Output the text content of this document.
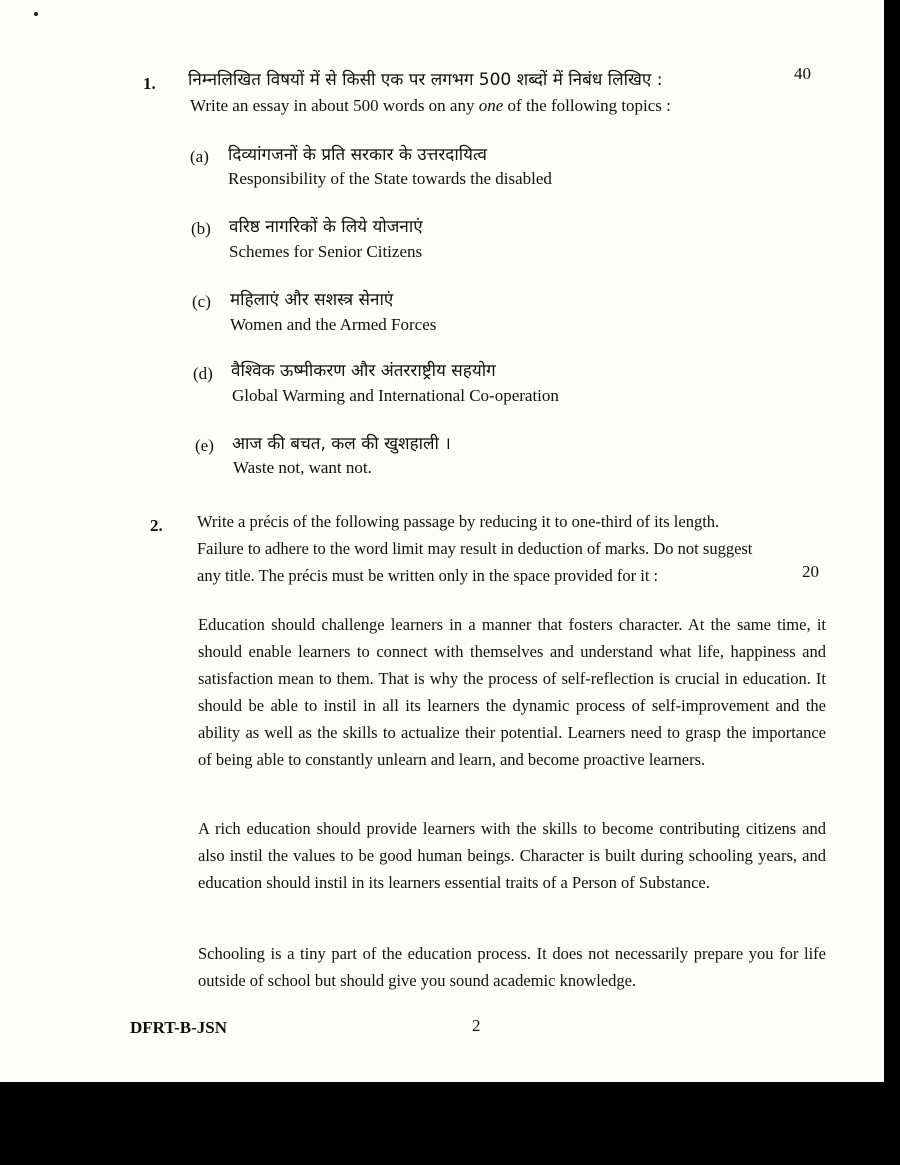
1.
40
निम्नलिखित विषयों में से किसी एक पर लगभग 500 शब्दों में निबंध लिखिए :
Write an essay in about 500 words on any one of the following topics :
(a) दिव्यांगजनों के प्रति सरकार के उत्तरदायित्व
Responsibility of the State towards the disabled
(b) वरिष्ठ नागरिकों के लिये योजनाएं
Schemes for Senior Citizens
(c) महिलाएं और सशस्त्र सेनाएं
Women and the Armed Forces
(d) वैश्विक ऊष्मीकरण और अंतरराष्ट्रीय सहयोग
Global Warming and International Co-operation
(e) आज की बचत, कल की खुशहाली ।
Waste not, want not.
2. Write a précis of the following passage by reducing it to one-third of its length.
Failure to adhere to the word limit may result in deduction of marks. Do not suggest
any title. The précis must be written only in the space provided for it :	20
Education should challenge learners in a manner that fosters character. At the same time, it should enable learners to connect with themselves and understand what life, happiness and satisfaction mean to them. That is why the process of self-reflection is crucial in education. It should be able to instil in all its learners the dynamic process of self-improvement and the ability as well as the skills to actualize their potential. Learners need to grasp the importance of being able to constantly unlearn and learn, and become proactive learners.
A rich education should provide learners with the skills to become contributing citizens and also instil the values to be good human beings. Character is built during schooling years, and education should instil in its learners essential traits of a Person of Substance.
Schooling is a tiny part of the education process. It does not necessarily prepare you for life outside of school but should give you sound academic knowledge.
DFRT-B-JSN	2
